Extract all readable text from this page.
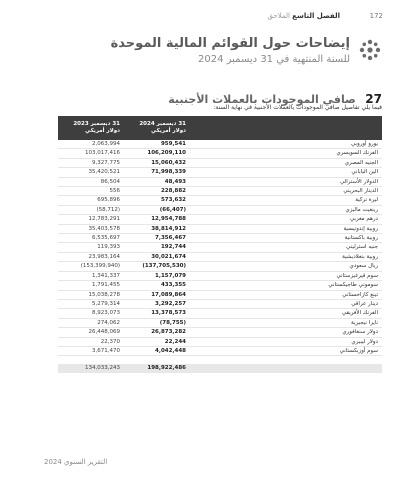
172
الفصل التاسع
الملاحق
إيضاحات حول القوائم المالية الموحدة
للسنة المنتهية في 31 ديسمبر 2024
27 صافي الموجودات بالعملات الأجنبية
فيما يلي تفاصيل صافي الموجودات بالعملات الأجنبية في نهاية السنة:
31 ديسمبر 2023 دولار أمريكي	31 ديسمبر 2024 دولار أمريكي	
2,063,994	959,541	يورو أوروبي
103,017,416	106,209,110	الفرنك السويسري
9,327,775	15,060,432	الجنيه المصري
35,420,521	71,998,339	الين الياباني
86,504	48,493	الدولار الأسترالي
556	228,882	الدينار البحريني
695,896	573,632	ليرة تركية
(58,712)	(66,407)	رينغيت ماليزي
12,783,291	12,954,788	درهم مغربي
35,403,578	38,814,912	روبية إندونيسية
6,535,697	7,356,467	روبية باكستانية
119,393	192,744	جنيه استرليني
23,983,164	30,021,674	روبية بنغلاديشية
(153,399,940)	(137,705,530)	ريال سعودي
1,341,337	1,157,079	سوم قيرغيزستاني
1,791,455	433,355	سوموني طاجيكستاني
15,038,278	17,089,864	تينغ كازاخستاني
5,279,314	3,292,257	دينار عراقي
8,923,073	13,378,573	الفرنك الأفريقي
274,062	(78,755)	نايرا نيجيرية
26,448,069	26,873,282	دولار سنغافوري
22,370	22,244	دولار ليبيري
3,671,470	4,042,448	سوم أوزبكستاني

134,033,243	198,922,486	
التقرير السنوي 2024
